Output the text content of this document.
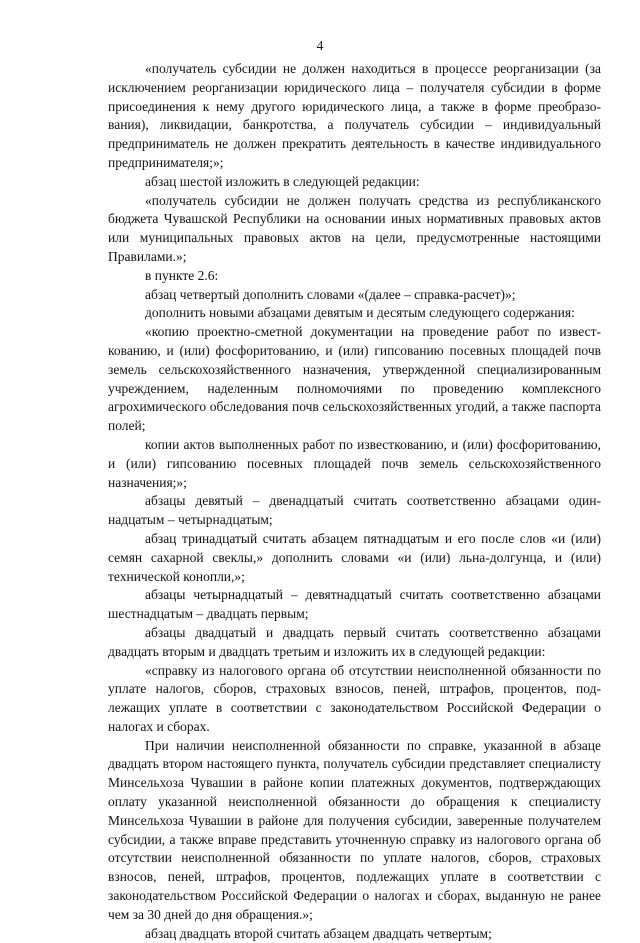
4

«получатель субсидии не должен находиться в процессе реорганизации (за исключением реорганизации юридического лица – получателя субсидии в форме присоединения к нему другого юридического лица, а также в форме преобразования), ликвидации, банкротства, а получатель субсидии – индивидуальный предприниматель не должен прекратить деятельность в качестве индивидуального предпринимателя;»;

абзац шестой изложить в следующей редакции:

«получатель субсидии не должен получать средства из республиканского бюджета Чувашской Республики на основании иных нормативных правовых актов или муниципальных правовых актов на цели, предусмотренные настоящими Правилами.»;

в пункте 2.6:

абзац четвертый дополнить словами «(далее – справка-расчет)»;

дополнить новыми абзацами девятым и десятым следующего содержания:

«копию проектно-сметной документации на проведение работ по известкованию, и (или) фосфоритованию, и (или) гипсованию посевных площадей почв земель сельскохозяйственного назначения, утвержденной специализированным учреждением, наделенным полномочиями по проведению комплексного агрохимического обследования почв сельскохозяйственных угодий, а также паспорта полей;

копии актов выполненных работ по известкованию, и (или) фосфоритованию, и (или) гипсованию посевных площадей почв земель сельскохозяйственного назначения;»;

абзацы девятый – двенадцатый считать соответственно абзацами одиннадцатым – четырнадцатым;

абзац тринадцатый считать абзацем пятнадцатым и его после слов «и (или) семян сахарной свеклы,» дополнить словами «и (или) льна-долгунца, и (или) технической конопли,»;

абзацы четырнадцатый – девятнадцатый считать соответственно абзацами шестнадцатым – двадцать первым;

абзацы двадцатый и двадцать первый считать соответственно абзацами двадцать вторым и двадцать третьим и изложить их в следующей редакции:

«справку из налогового органа об отсутствии неисполненной обязанности по уплате налогов, сборов, страховых взносов, пеней, штрафов, процентов, подлежащих уплате в соответствии с законодательством Российской Федерации о налогах и сборах.

При наличии неисполненной обязанности по справке, указанной в абзаце двадцать втором настоящего пункта, получатель субсидии представляет специалисту Минсельхоза Чувашии в районе копии платежных документов, подтверждающих оплату указанной неисполненной обязанности до обращения к специалисту Минсельхоза Чувашии в районе для получения субсидии, заверенные получателем субсидии, а также вправе представить уточненную справку из налогового органа об отсутствии неисполненной обязанности по уплате налогов, сборов, страховых взносов, пеней, штрафов, процентов, подлежащих уплате в соответствии с законодательством Российской Федерации о налогах и сборах, выданную не ранее чем за 30 дней до дня обращения.»;

абзац двадцать второй считать абзацем двадцать четвертым;
